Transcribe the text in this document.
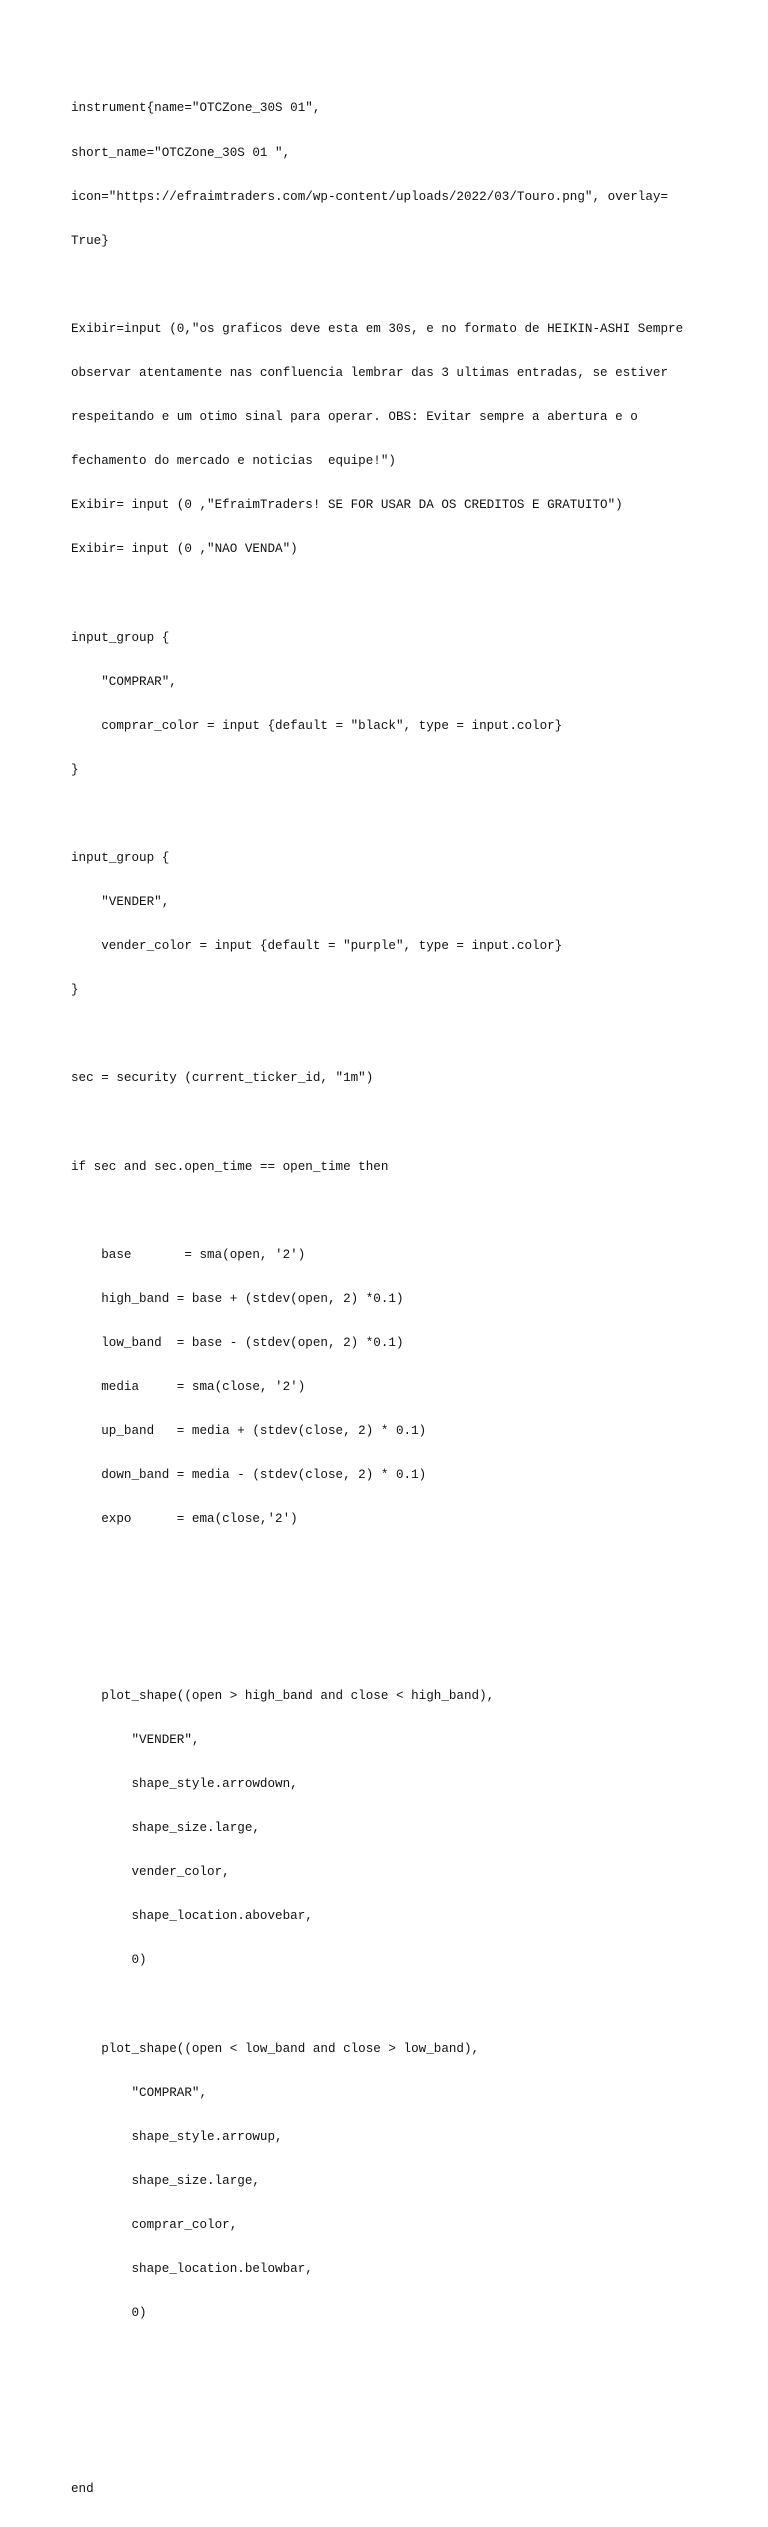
instrument{name="OTCZone_30S 01",

short_name="OTCZone_30S 01 ",

icon="https://efraimtraders.com/wp-content/uploads/2022/03/Touro.png", overlay=

True}

Exibir=input (0,"os graficos deve esta em 30s, e no formato de HEIKIN-ASHI Sempre

observar atentamente nas confluencia lembrar das 3 ultimas entradas, se estiver

respeitando e um otimo sinal para operar. OBS: Evitar sempre a abertura e o

fechamento do mercado e noticias  equipe!")

Exibir= input (0 ,"EfraimTraders! SE FOR USAR DA OS CREDITOS E GRATUITO")

Exibir= input (0 ,"NAO VENDA")

input_group {

"COMPRAR",

comprar_color = input {default = "black", type = input.color}

}

input_group {

"VENDER",

vender_color = input {default = "purple", type = input.color}

}

sec = security (current_ticker_id, "1m")

if sec and sec.open_time == open_time then

base       = sma(open, '2')

high_band = base + (stdev(open, 2) *0.1)

low_band  = base - (stdev(open, 2) *0.1)

media     = sma(close, '2')

up_band   = media + (stdev(close, 2) * 0.1)

down_band = media - (stdev(close, 2) * 0.1)

expo      = ema(close,'2')

plot_shape((open > high_band and close < high_band),

"VENDER",

shape_style.arrowdown,

shape_size.large,

vender_color,

shape_location.abovebar,

0)

plot_shape((open < low_band and close > low_band),

"COMPRAR",

shape_style.arrowup,

shape_size.large,

comprar_color,

shape_location.belowbar,

0)

end
